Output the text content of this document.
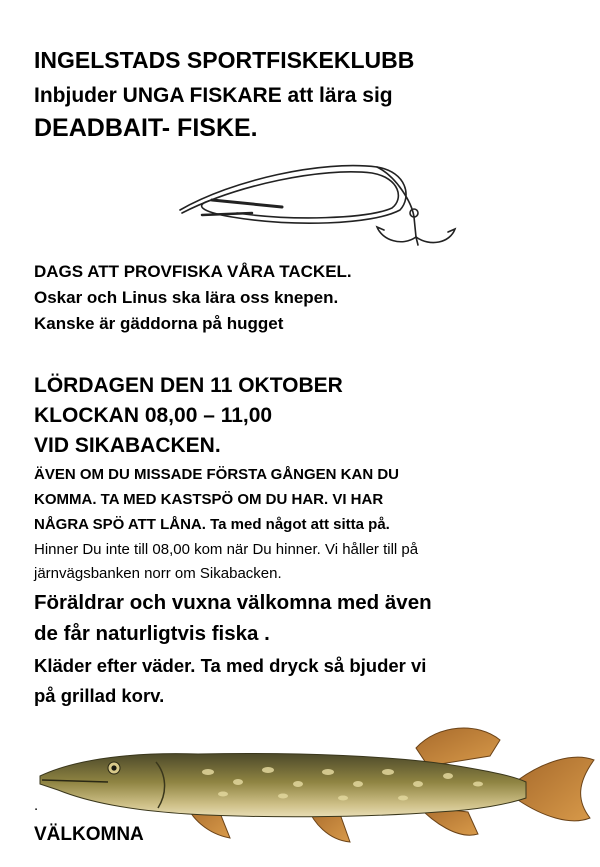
INGELSTADS SPORTFISKEKLUBB

Inbjuder UNGA FISKARE att lära sig

DEADBAIT- FISKE.

DAGS ATT PROVFISKA VÅRA TACKEL.

Oskar och Linus ska lära oss knepen.

Kanske är gäddorna på hugget

LÖRDAGEN DEN 11 OKTOBER

KLOCKAN 08,00 – 11,00

VID SIKABACKEN.

ÄVEN OM DU MISSADE FÖRSTA GÅNGEN KAN DU

KOMMA. TA MED KASTSPÖ OM DU HAR. VI HAR

NÅGRA SPÖ ATT LÅNA. Ta med något att sitta på.

Hinner Du inte till 08,00 kom när Du hinner. Vi håller till på

järnvägsbanken norr om Sikabacken.

Föräldrar och vuxna välkomna med även

de får naturligtvis fiska .

Kläder efter väder. Ta med dryck så bjuder vi

på grillad korv.

.

VÄLKOMNA
